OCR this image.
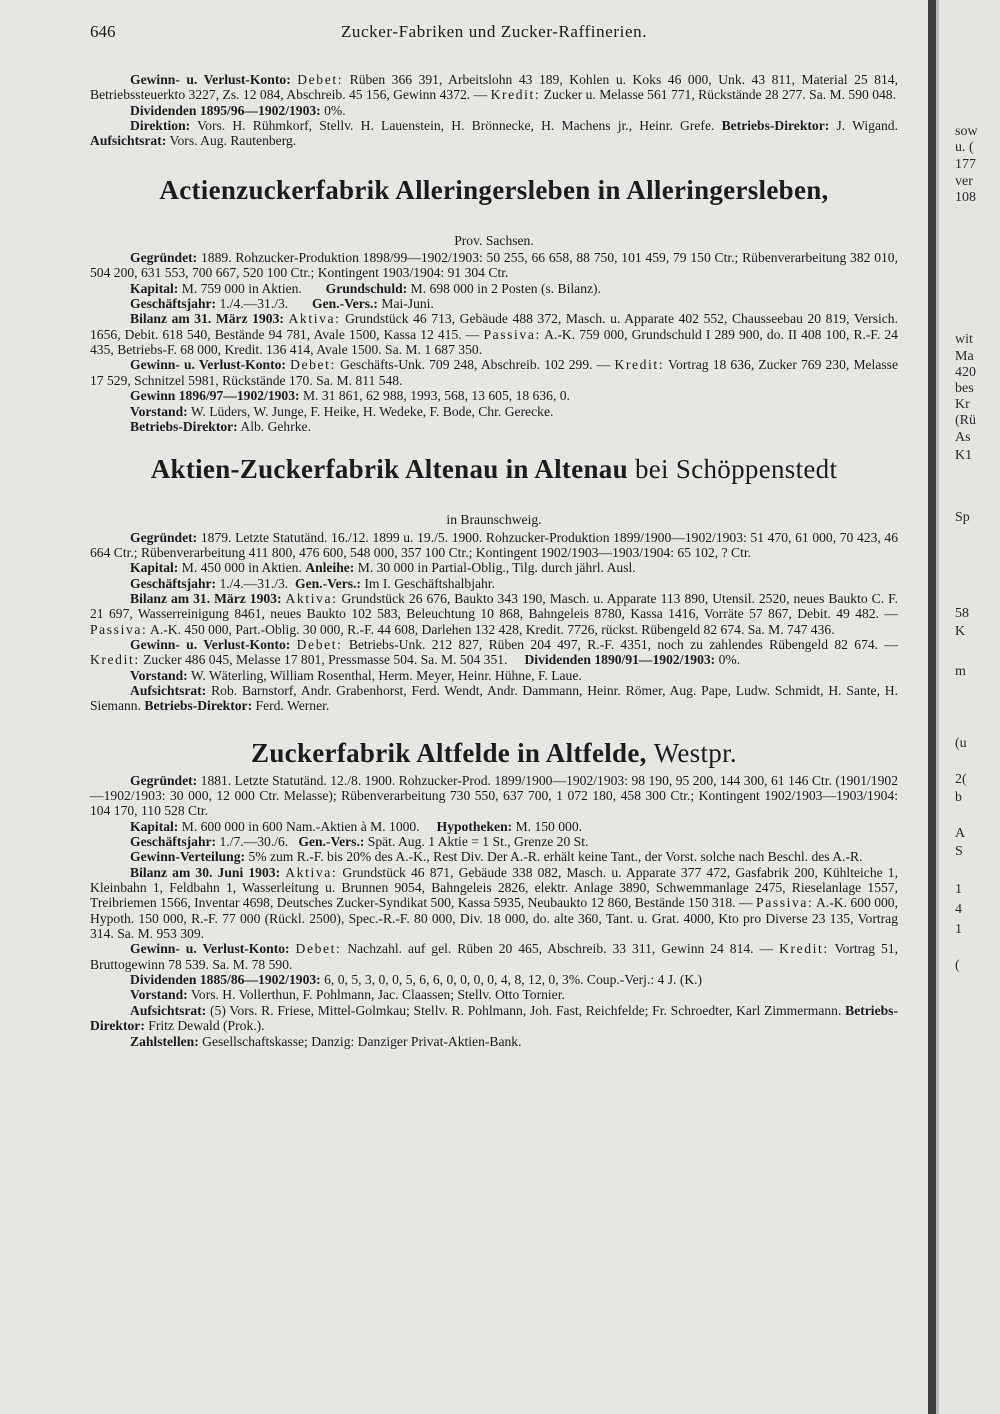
646	Zucker-Fabriken und Zucker-Raffinerien.

Gewinn- u. Verlust-Konto: Debet: Rüben 366 391, Arbeitslohn 43 189, Kohlen u. Koks 46 000, Unk. 43 811, Material 25 814, Betriebssteuerkto 3227, Zs. 12 084, Abschreib. 45 156, Gewinn 4372. — Kredit: Zucker u. Melasse 561 771, Rückstände 28 277. Sa. M. 590 048.

Dividenden 1895/96—1902/1903: 0%.

Direktion: Vors. H. Rühmkorf, Stellv. H. Lauenstein, H. Brönnecke, H. Machens jr., Heinr. Grefe. Betriebs-Direktor: J. Wigand. Aufsichtsrat: Vors. Aug. Rautenberg.

Actienzuckerfabrik Alleringersleben in Alleringersleben,

Prov. Sachsen.

Gegründet: 1889. Rohzucker-Produktion 1898/99—1902/1903: 50 255, 66 658, 88 750, 101 459, 79 150 Ctr.; Rübenverarbeitung 382 010, 504 200, 631 553, 700 667, 520 100 Ctr.; Kontingent 1903/1904: 91 304 Ctr.

Kapital: M. 759 000 in Aktien. Grundschuld: M. 698 000 in 2 Posten (s. Bilanz).

Geschäftsjahr: 1./4.—31./3. Gen.-Vers.: Mai-Juni.

Bilanz am 31. März 1903: Aktiva: Grundstück 46 713, Gebäude 488 372, Masch. u. Apparate 402 552, Chausseebau 20 819, Versich. 1656, Debit. 618 540, Bestände 94 781, Avale 1500, Kassa 12 415. — Passiva: A.-K. 759 000, Grundschuld I 289 900, do. II 408 100, R.-F. 24 435, Betriebs-F. 68 000, Kredit. 136 414, Avale 1500. Sa. M. 1 687 350.

Gewinn- u. Verlust-Konto: Debet: Geschäfts-Unk. 709 248, Abschreib. 102 299. — Kredit: Vortrag 18 636, Zucker 769 230, Melasse 17 529, Schnitzel 5981, Rückstände 170. Sa. M. 811 548.

Gewinn 1896/97—1902/1903: M. 31 861, 62 988, 1993, 568, 13 605, 18 636, 0.

Vorstand: W. Lüders, W. Junge, F. Heike, H. Wedeke, F. Bode, Chr. Gerecke.

Betriebs-Direktor: Alb. Gehrke.

Aktien-Zuckerfabrik Altenau in Altenau bei Schöppenstedt

in Braunschweig.

Gegründet: 1879. Letzte Statutänd. 16./12. 1899 u. 19./5. 1900. Rohzucker-Produktion 1899/1900—1902/1903: 51 470, 61 000, 70 423, 46 664 Ctr.; Rübenverarbeitung 411 800, 476 600, 548 000, 357 100 Ctr.; Kontingent 1902/1903—1903/1904: 65 102, ? Ctr.

Kapital: M. 450 000 in Aktien. Anleihe: M. 30 000 in Partial-Oblig., Tilg. durch jährl. Ausl.

Geschäftsjahr: 1./4.—31./3. Gen.-Vers.: Im I. Geschäftshalbjahr.

Bilanz am 31. März 1903: Aktiva: Grundstück 26 676, Baukto 343 190, Masch. u. Apparate 113 890, Utensil. 2520, neues Baukto C. F. 21 697, Wasserreinigung 8461, neues Baukto 102 583, Beleuchtung 10 868, Bahngeleis 8780, Kassa 1416, Vorräte 57 867, Debit. 49 482. — Passiva: A.-K. 450 000, Part.-Oblig. 30 000, R.-F. 44 608, Darlehen 132 428, Kredit. 7726, rückst. Rübengeld 82 674. Sa. M. 747 436.

Gewinn- u. Verlust-Konto: Debet: Betriebs-Unk. 212 827, Rüben 204 497, R.-F. 4351, noch zu zahlendes Rübengeld 82 674. — Kredit: Zucker 486 045, Melasse 17 801, Pressmasse 504. Sa. M. 504 351. Dividenden 1890/91—1902/1903: 0%.

Vorstand: W. Wäterling, William Rosenthal, Herm. Meyer, Heinr. Hühne, F. Laue.

Aufsichtsrat: Rob. Barnstorf, Andr. Grabenhorst, Ferd. Wendt, Andr. Dammann, Heinr. Römer, Aug. Pape, Ludw. Schmidt, H. Sante, H. Siemann. Betriebs-Direktor: Ferd. Werner.

Zuckerfabrik Altfelde in Altfelde, Westpr.

Gegründet: 1881. Letzte Statutänd. 12./8. 1900. Rohzucker-Prod. 1899/1900—1902/1903: 98 190, 95 200, 144 300, 61 146 Ctr. (1901/1902—1902/1903: 30 000, 12 000 Ctr. Melasse); Rübenverarbeitung 730 550, 637 700, 1 072 180, 458 300 Ctr.; Kontingent 1902/1903—1903/1904: 104 170, 110 528 Ctr.

Kapital: M. 600 000 in 600 Nam.-Aktien à M. 1000. Hypotheken: M. 150 000.

Geschäftsjahr: 1./7.—30./6. Gen.-Vers.: Spät. Aug. 1 Aktie = 1 St., Grenze 20 St.

Gewinn-Verteilung: 5% zum R.-F. bis 20% des A.-K., Rest Div. Der A.-R. erhält keine Tant., der Vorst. solche nach Beschl. des A.-R.

Bilanz am 30. Juni 1903: Aktiva: Grundstück 46 871, Gebäude 338 082, Masch. u. Apparate 377 472, Gasfabrik 200, Kühlteiche 1, Kleinbahn 1, Feldbahn 1, Wasserleitung u. Brunnen 9054, Bahngeleis 2826, elektr. Anlage 3890, Schwemmanlage 2475, Rieselanlage 1557, Treibriemen 1566, Inventar 4698, Deutsches Zucker-Syndikat 500, Kassa 5935, Neubaukto 12 860, Bestände 150 318. — Passiva: A.-K. 600 000, Hypoth. 150 000, R.-F. 77 000 (Rückl. 2500), Spec.-R.-F. 80 000, Div. 18 000, do. alte 360, Tant. u. Grat. 4000, Kto pro Diverse 23 135, Vortrag 314. Sa. M. 953 309.

Gewinn- u. Verlust-Konto: Debet: Nachzahl. auf gel. Rüben 20 465, Abschreib. 33 311, Gewinn 24 814. — Kredit: Vortrag 51, Bruttogewinn 78 539. Sa. M. 78 590.

Dividenden 1885/86—1902/1903: 6, 0, 5, 3, 0, 0, 5, 6, 6, 0, 0, 0, 0, 4, 8, 12, 0, 3%. Coup.-Verj.: 4 J. (K.)

Vorstand: Vors. H. Vollerthun, F. Pohlmann, Jac. Claassen; Stellv. Otto Tornier.

Aufsichtsrat: (5) Vors. R. Friese, Mittel-Golmkau; Stellv. R. Pohlmann, Joh. Fast, Reichfelde; Fr. Schroedter, Karl Zimmermann. Betriebs-Direktor: Fritz Dewald (Prok.).

Zahlstellen: Gesellschaftskasse; Danzig: Danziger Privat-Aktien-Bank.

sow
u. (
177
ver
108
wit
Ma
420
bes
Kr
(Rü
As
K1
Sp
58
K
m
(u
2(
b
A
S
1
4
1
(
